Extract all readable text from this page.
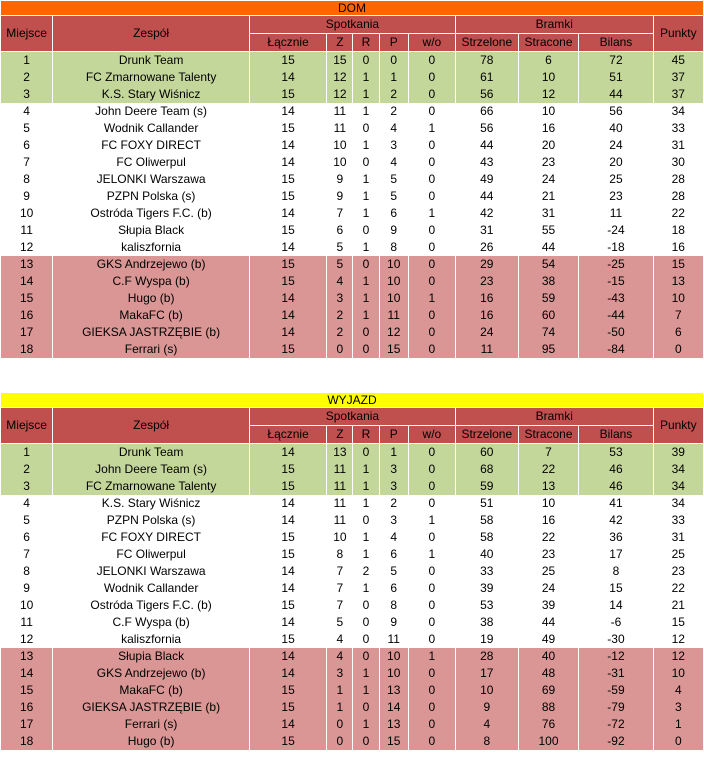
DOM										
Miejsce	Zespół	Spotkania					Bramki			Punkty
		Łącznie	Z	R	P	w/o	Strzelone	Stracone	Bilans	
1	Drunk Team	15	15	0	0	0	78	6	72	45
2	FC Zmarnowane Talenty	14	12	1	1	0	61	10	51	37
3	K.S. Stary Wiśnicz	15	12	1	2	0	56	12	44	37
4	John Deere Team (s)	14	11	1	2	0	66	10	56	34
5	Wodnik Callander	15	11	0	4	1	56	16	40	33
6	FC FOXY DIRECT	14	10	1	3	0	44	20	24	31
7	FC Oliwerpul	14	10	0	4	0	43	23	20	30
8	JELONKI Warszawa	15	9	1	5	0	49	24	25	28
9	PZPN Polska (s)	15	9	1	5	0	44	21	23	28
10	Ostróda Tigers F.C. (b)	14	7	1	6	1	42	31	11	22
11	Słupia Black	15	6	0	9	0	31	55	-24	18
12	kaliszfornia	14	5	1	8	0	26	44	-18	16
13	GKS Andrzejewo (b)	15	5	0	10	0	29	54	-25	15
14	C.F Wyspa (b)	15	4	1	10	0	23	38	-15	13
15	Hugo (b)	14	3	1	10	1	16	59	-43	10
16	MakaFC (b)	14	2	1	11	0	16	60	-44	7
17	GIEKSA JASTRZĘBIE (b)	14	2	0	12	0	24	74	-50	6
18	Ferrari (s)	15	0	0	15	0	11	95	-84	0
WYJAZD										
Miejsce	Zespół	Spotkania					Bramki			Punkty
		Łącznie	Z	R	P	w/o	Strzelone	Stracone	Bilans	
1	Drunk Team	14	13	0	1	0	60	7	53	39
2	John Deere Team (s)	15	11	1	3	0	68	22	46	34
3	FC Zmarnowane Talenty	15	11	1	3	0	59	13	46	34
4	K.S. Stary Wiśnicz	14	11	1	2	0	51	10	41	34
5	PZPN Polska (s)	14	11	0	3	1	58	16	42	33
6	FC FOXY DIRECT	15	10	1	4	0	58	22	36	31
7	FC Oliwerpul	15	8	1	6	1	40	23	17	25
8	JELONKI Warszawa	14	7	2	5	0	33	25	8	23
9	Wodnik Callander	14	7	1	6	0	39	24	15	22
10	Ostróda Tigers F.C. (b)	15	7	0	8	0	53	39	14	21
11	C.F Wyspa (b)	14	5	0	9	0	38	44	-6	15
12	kaliszfornia	15	4	0	11	0	19	49	-30	12
13	Słupia Black	14	4	0	10	1	28	40	-12	12
14	GKS Andrzejewo (b)	14	3	1	10	0	17	48	-31	10
15	MakaFC (b)	15	1	1	13	0	10	69	-59	4
16	GIEKSA JASTRZĘBIE (b)	15	1	0	14	0	9	88	-79	3
17	Ferrari (s)	14	0	1	13	0	4	76	-72	1
18	Hugo (b)	15	0	0	15	0	8	100	-92	0
